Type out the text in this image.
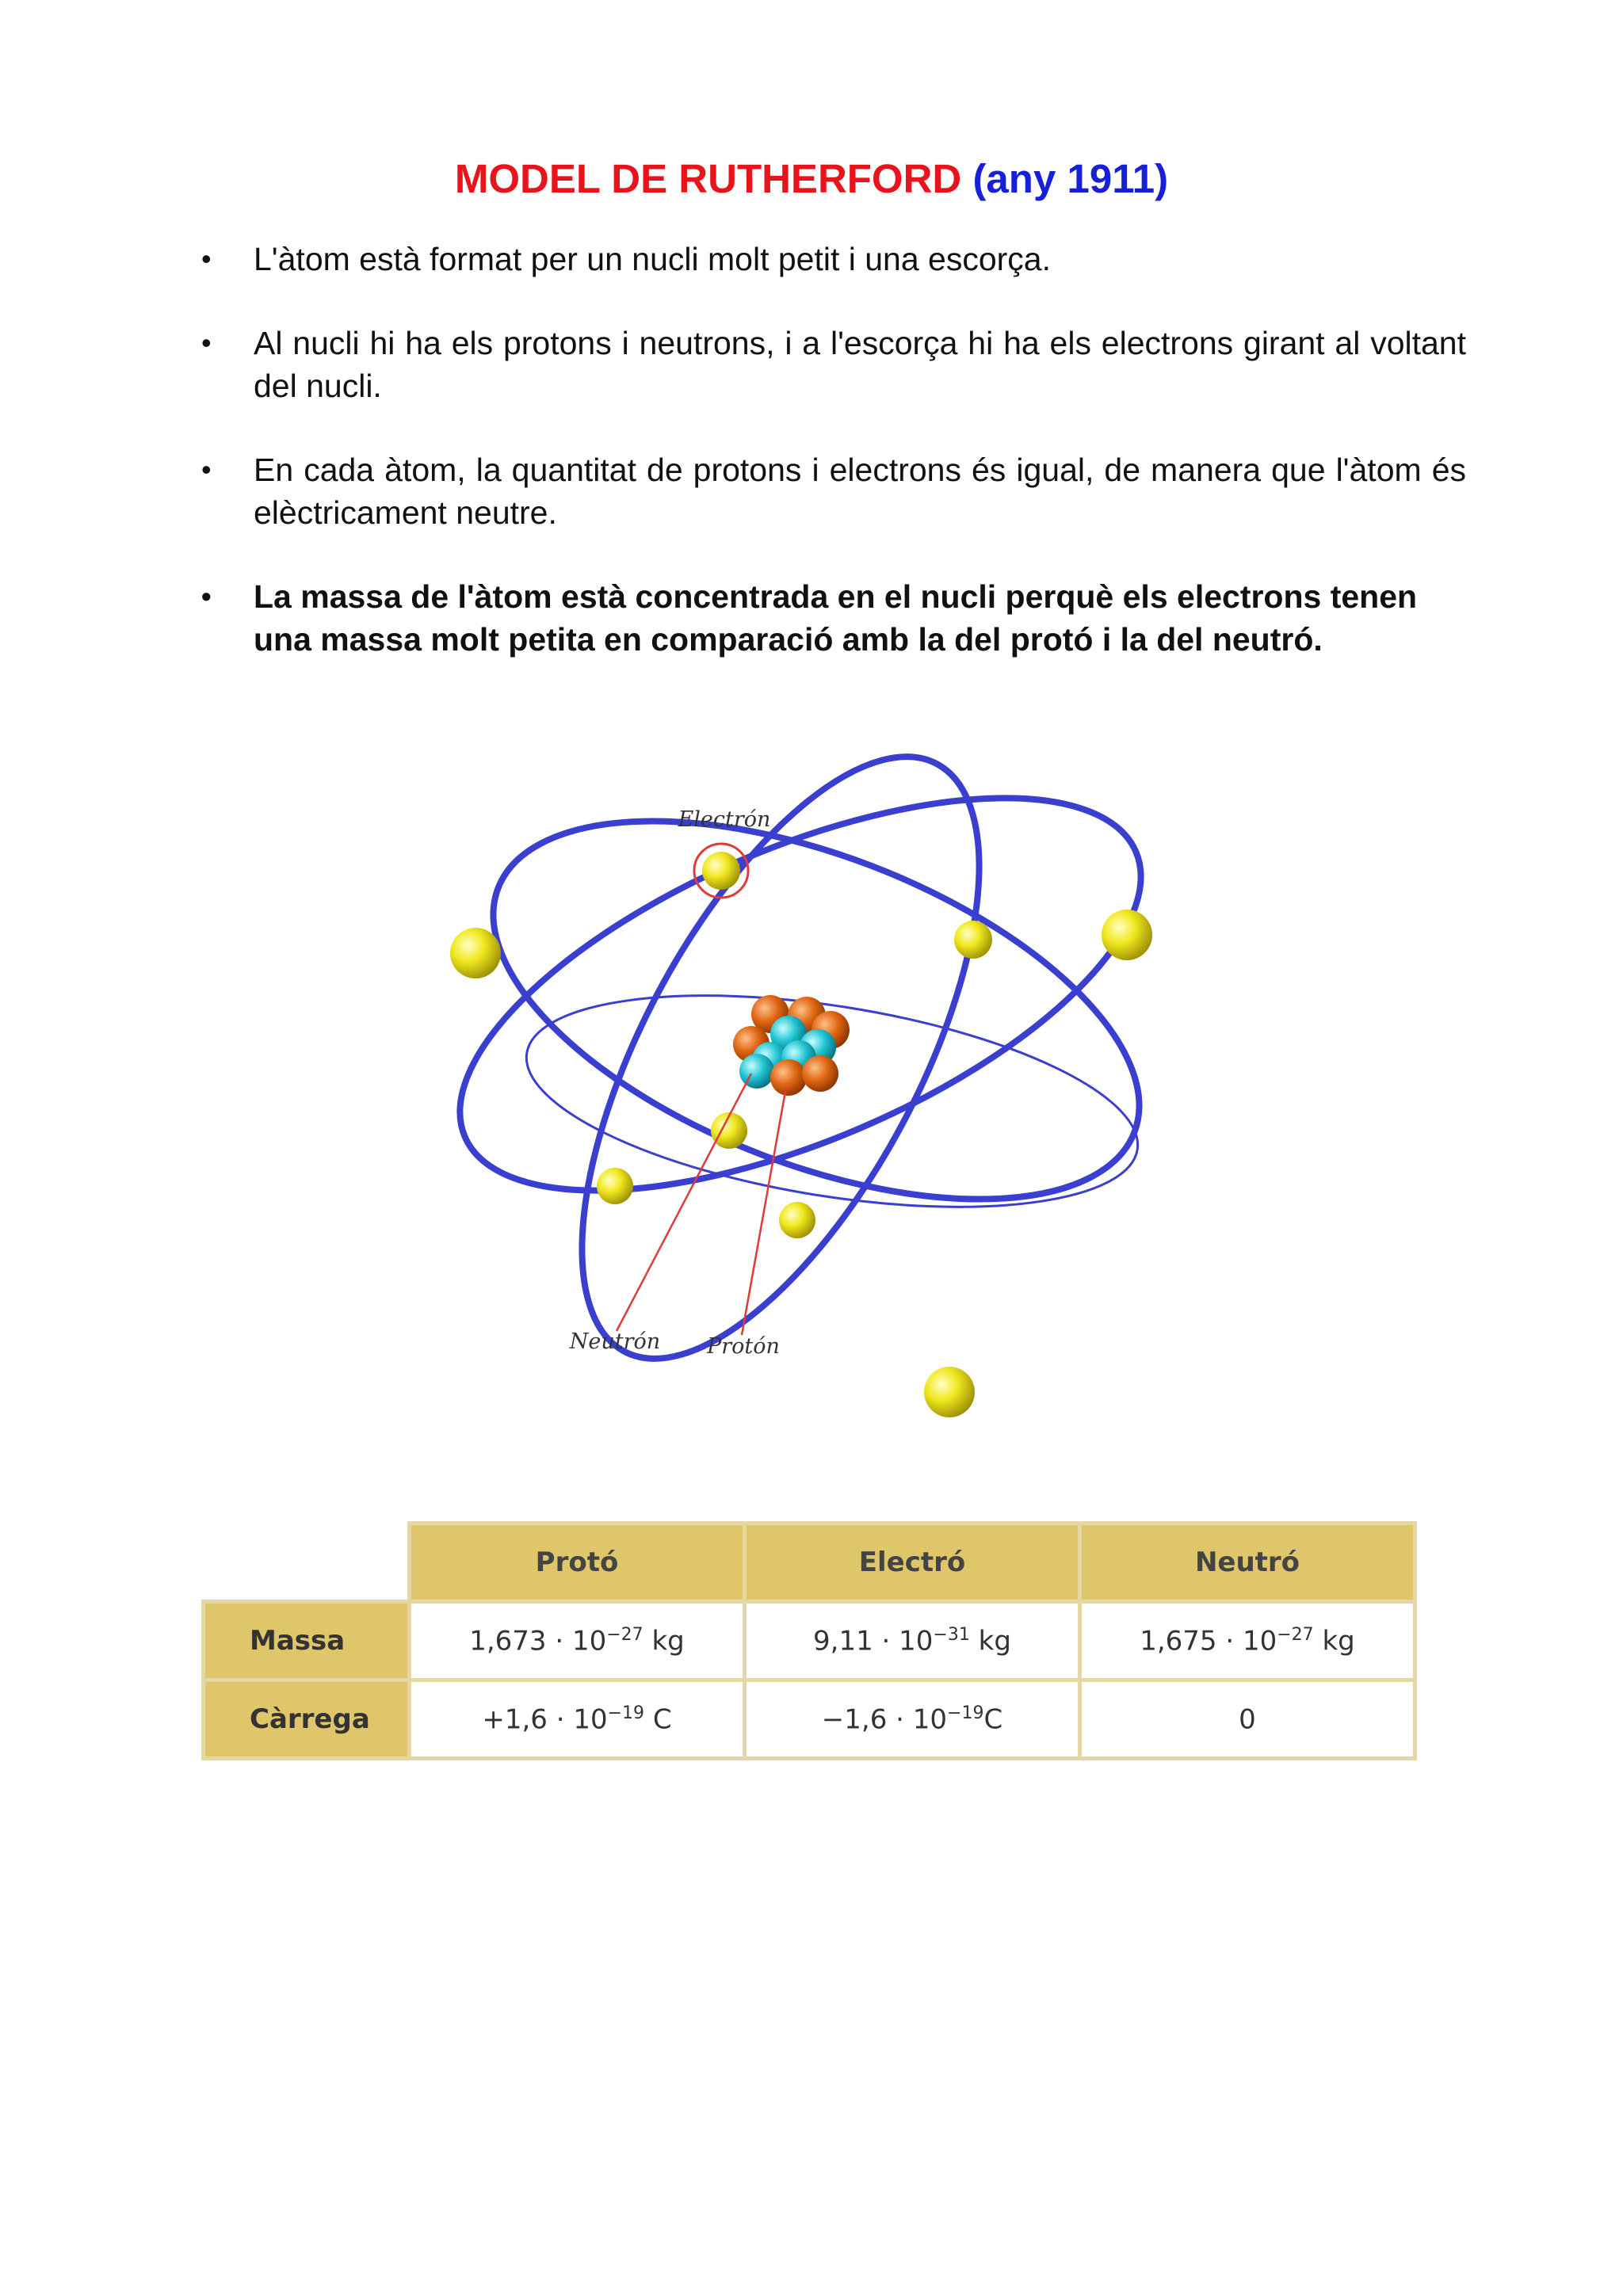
MODEL DE RUTHERFORD (any 1911)
• L'àtom està format per un nucli molt petit i una escorça.
• Al nucli hi ha els protons i neutrons, i a l'escorça hi ha els electrons girant al voltant del nucli.
• En cada àtom, la quantitat de protons i electrons és igual, de manera que l'àtom és elèctricament neutre.
• La massa de l'àtom està concentrada en el nucli perquè els electrons tenen una massa molt petita en comparació amb la del protó i la del neutró.
Electrón
Neutrón Protón
	Protó	Electró	Neutró
Massa	$1,673 \cdot 10^{-27}$ kg	$9,11 \cdot 10^{-31}$ kg	$1,675 \cdot 10^{-27}$ kg
Càrrega	$+1,6 \cdot 10^{-19}$ C	$-1,6 \cdot 10^{-19}C$	0
